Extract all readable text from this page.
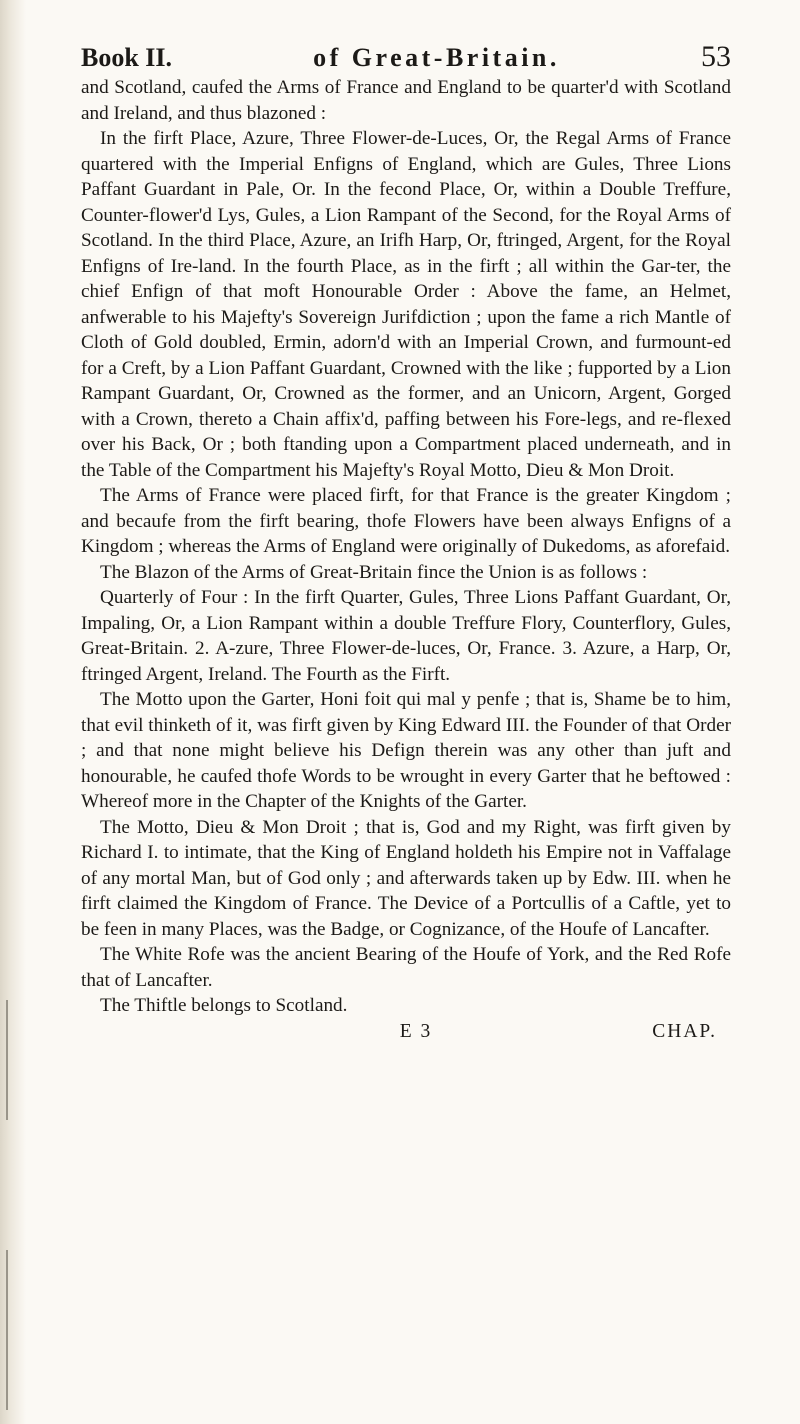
Book II.	of Great-Britain.	53

and Scotland, caufed the Arms of France and England to be quarter'd with Scotland and Ireland, and thus blazoned :

In the firft Place, Azure, Three Flower-de-Luces, Or, the Regal Arms of France quartered with the Imperial Enfigns of England, which are Gules, Three Lions Paffant Guardant in Pale, Or. In the fecond Place, Or, within a Double Treffure, Counter-flower'd Lys, Gules, a Lion Rampant of the Second, for the Royal Arms of Scotland. In the third Place, Azure, an Irifh Harp, Or, ftringed, Argent, for the Royal Enfigns of Ire-land. In the fourth Place, as in the firft ; all within the Gar-ter, the chief Enfign of that moft Honourable Order : Above the fame, an Helmet, anfwerable to his Majefty's Sovereign Jurifdiction ; upon the fame a rich Mantle of Cloth of Gold doubled, Ermin, adorn'd with an Imperial Crown, and furmount-ed for a Creft, by a Lion Paffant Guardant, Crowned with the like ; fupported by a Lion Rampant Guardant, Or, Crowned as the former, and an Unicorn, Argent, Gorged with a Crown, thereto a Chain affix'd, paffing between his Fore-legs, and re-flexed over his Back, Or ; both ftanding upon a Compartment placed underneath, and in the Table of the Compartment his Majefty's Royal Motto, Dieu & Mon Droit.

The Arms of France were placed firft, for that France is the greater Kingdom ; and becaufe from the firft bearing, thofe Flowers have been always Enfigns of a Kingdom ; whereas the Arms of England were originally of Dukedoms, as aforefaid.

The Blazon of the Arms of Great-Britain fince the Union is as follows :

Quarterly of Four : In the firft Quarter, Gules, Three Lions Paffant Guardant, Or, Impaling, Or, a Lion Rampant within a double Treffure Flory, Counterflory, Gules, Great-Britain. 2. A-zure, Three Flower-de-luces, Or, France. 3. Azure, a Harp, Or, ftringed Argent, Ireland. The Fourth as the Firft.

The Motto upon the Garter, Honi foit qui mal y penfe ; that is, Shame be to him, that evil thinketh of it, was firft given by King Edward III. the Founder of that Order ; and that none might believe his Defign therein was any other than juft and honourable, he caufed thofe Words to be wrought in every Garter that he beftowed : Whereof more in the Chapter of the Knights of the Garter.

The Motto, Dieu & Mon Droit ; that is, God and my Right, was firft given by Richard I. to intimate, that the King of England holdeth his Empire not in Vaffalage of any mortal Man, but of God only ; and afterwards taken up by Edw. III. when he firft claimed the Kingdom of France. The Device of a Portcullis of a Caftle, yet to be feen in many Places, was the Badge, or Cognizance, of the Houfe of Lancafter.

The White Rofe was the ancient Bearing of the Houfe of York, and the Red Rofe that of Lancafter.

The Thiftle belongs to Scotland.

E 3	CHAP.
